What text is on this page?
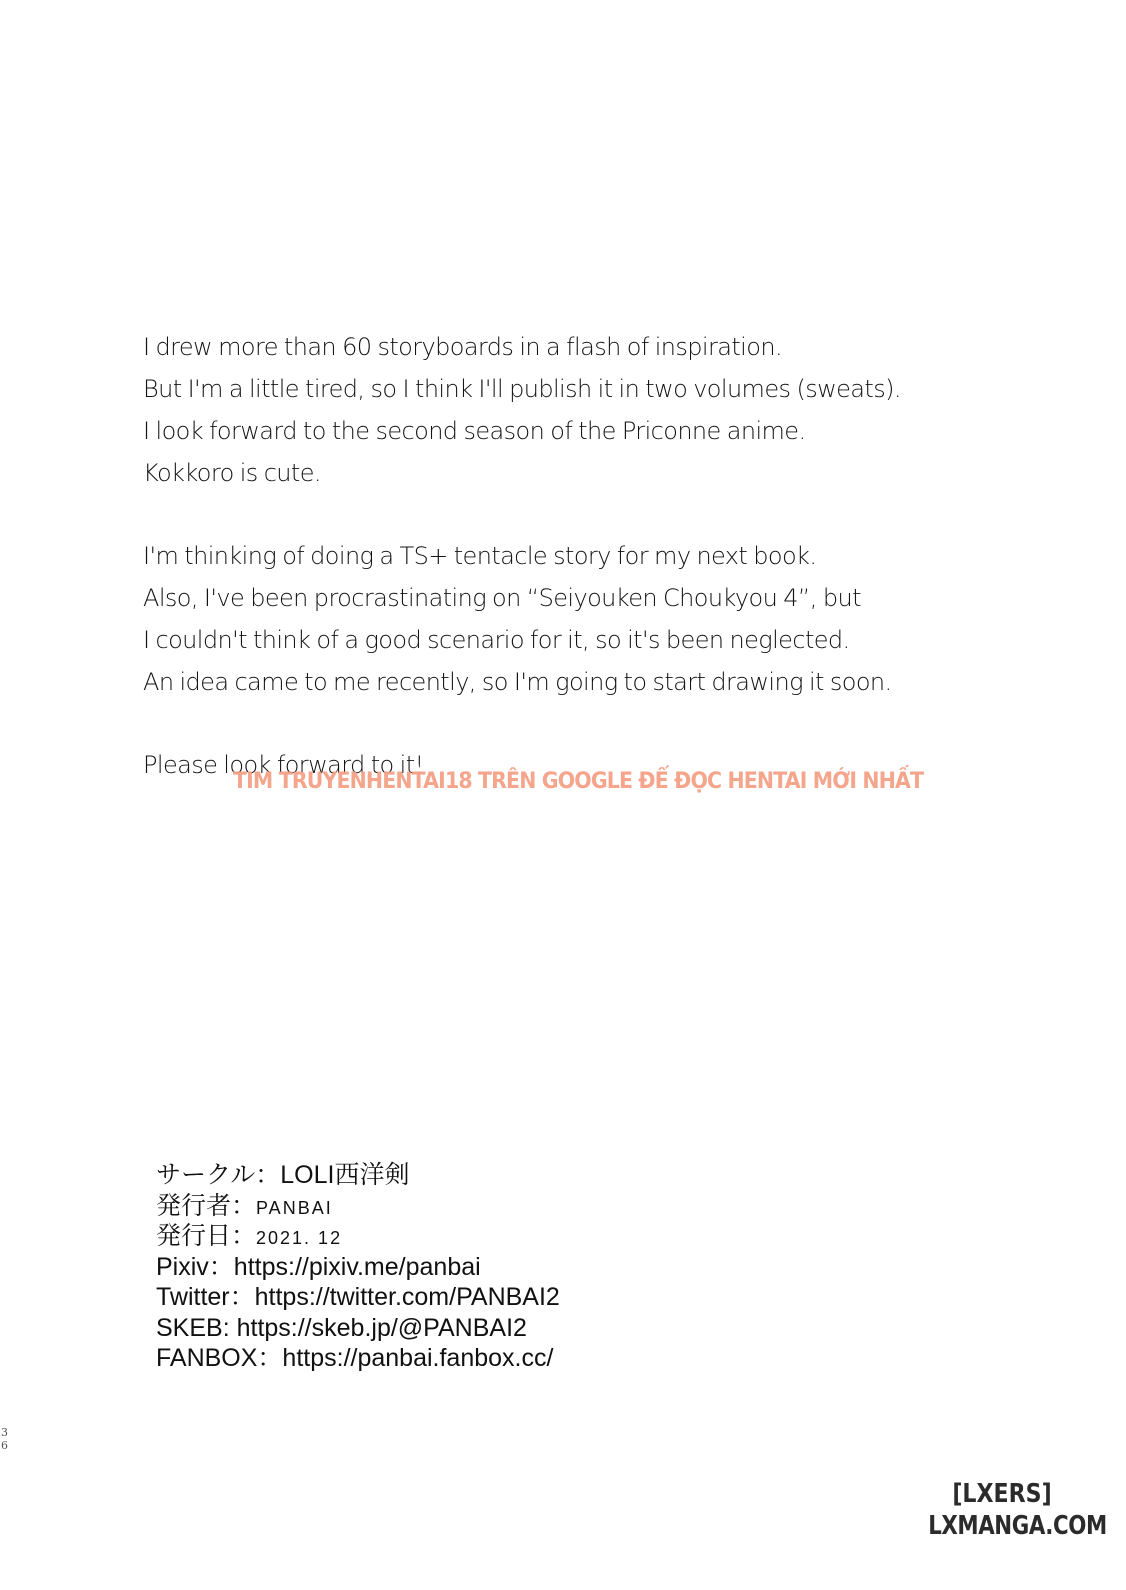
I drew more than 60 storyboards in a flash of inspiration.
But I'm a little tired, so I think I'll publish it in two volumes (sweats).
I look forward to the second season of the Priconne anime.
Kokkoro is cute.
I'm thinking of doing a TS+ tentacle story for my next book.
Also, I've been procrastinating on “Seiyouken Choukyou 4”, but
I couldn't think of a good scenario for it, so it's been neglected.
An idea came to me recently, so I'm going to start drawing it soon.
Please look forward to it!
TIM TRUYENHENTAI18 TRÊN GOOGLE ĐỂ ĐỌC HENTAI MỚI NHẤT
サークル：LOLI西洋剣
発行者：PANBAI
発行日：2021. 12
Pixiv：https://pixiv.me/panbai
Twitter：https://twitter.com/PANBAI2
SKEB: https://skeb.jp/@PANBAI2
FANBOX：https://panbai.fanbox.cc/
3
6
[LXERS]
LXMANGA.COM
